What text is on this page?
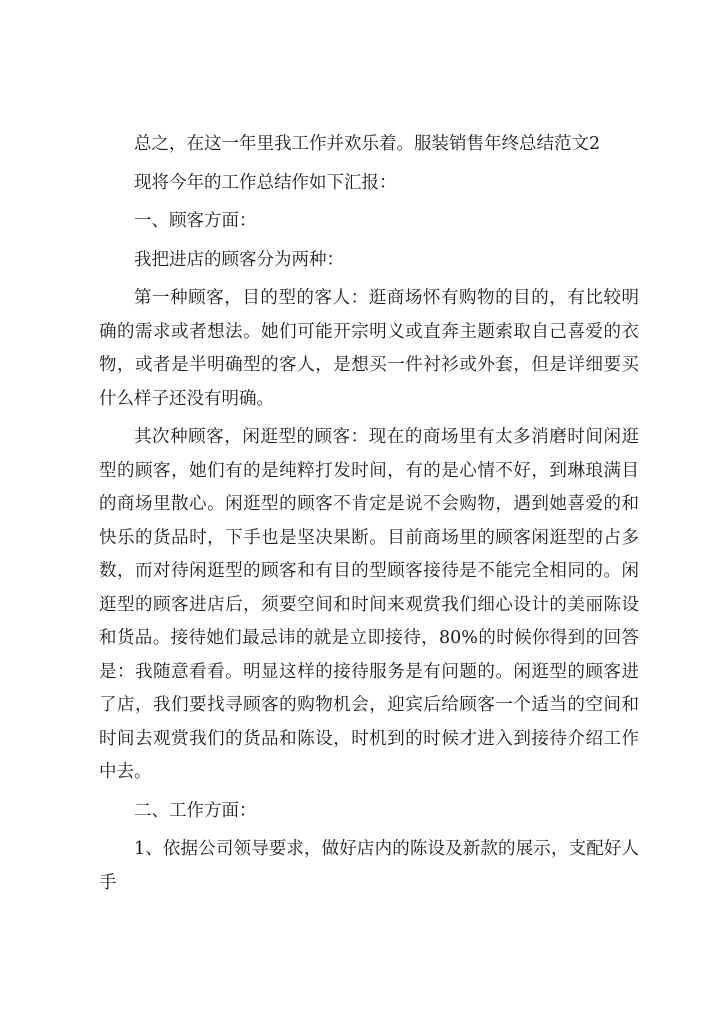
总之，在这一年里我工作并欢乐着。服装销售年终总结范文2

现将今年的工作总结作如下汇报：

一、顾客方面：

我把进店的顾客分为两种：

第一种顾客，目的型的客人：逛商场怀有购物的目的，有比较明确的需求或者想法。她们可能开宗明义或直奔主题索取自己喜爱的衣物，或者是半明确型的客人，是想买一件衬衫或外套，但是详细要买什么样子还没有明确。

其次种顾客，闲逛型的顾客：现在的商场里有太多消磨时间闲逛型的顾客，她们有的是纯粹打发时间，有的是心情不好，到琳琅满目的商场里散心。闲逛型的顾客不肯定是说不会购物，遇到她喜爱的和快乐的货品时，下手也是坚决果断。目前商场里的顾客闲逛型的占多数，而对待闲逛型的顾客和有目的型顾客接待是不能完全相同的。闲逛型的顾客进店后，须要空间和时间来观赏我们细心设计的美丽陈设和货品。接待她们最忌讳的就是立即接待，80%的时候你得到的回答是：我随意看看。明显这样的接待服务是有问题的。闲逛型的顾客进了店，我们要找寻顾客的购物机会，迎宾后给顾客一个适当的空间和时间去观赏我们的货品和陈设，时机到的时候才进入到接待介绍工作中去。

二、工作方面：

1、依据公司领导要求，做好店内的陈设及新款的展示，支配好人手
